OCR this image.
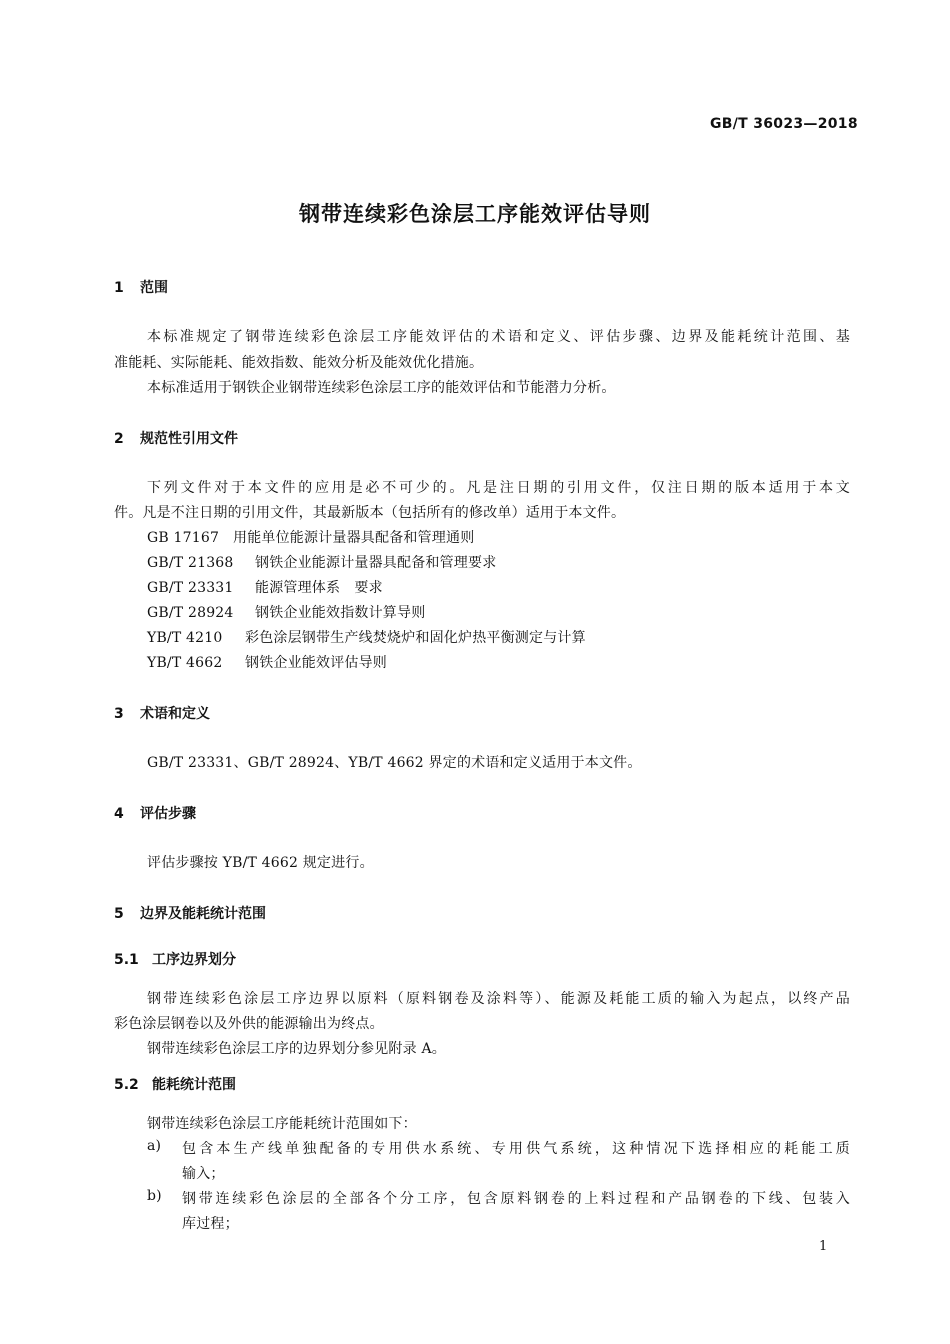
GB/T 36023—2018
钢带连续彩色涂层工序能效评估导则
1 范围
本标准规定了钢带连续彩色涂层工序能效评估的术语和定义、评估步骤、边界及能耗统计范围、基
准能耗、实际能耗、能效指数、能效分析及能效优化措施。
本标准适用于钢铁企业钢带连续彩色涂层工序的能效评估和节能潜力分析。
2 规范性引用文件
下列文件对于本文件的应用是必不可少的。凡是注日期的引用文件，仅注日期的版本适用于本文
件。凡是不注日期的引用文件，其最新版本（包括所有的修改单）适用于本文件。
GB 17167 用能单位能源计量器具配备和管理通则
GB/T 21368 钢铁企业能源计量器具配备和管理要求
GB/T 23331 能源管理体系　要求
GB/T 28924 钢铁企业能效指数计算导则
YB/T 4210 彩色涂层钢带生产线焚烧炉和固化炉热平衡测定与计算
YB/T 4662 钢铁企业能效评估导则
3 术语和定义
GB/T 23331、GB/T 28924、YB/T 4662 界定的术语和定义适用于本文件。
4 评估步骤
评估步骤按 YB/T 4662 规定进行。
5 边界及能耗统计范围
5.1 工序边界划分
钢带连续彩色涂层工序边界以原料（原料钢卷及涂料等）、能源及耗能工质的输入为起点，以终产品
彩色涂层钢卷以及外供的能源输出为终点。
钢带连续彩色涂层工序的边界划分参见附录 A。
5.2 能耗统计范围
钢带连续彩色涂层工序能耗统计范围如下：
a) 包含本生产线单独配备的专用供水系统、专用供气系统，这种情况下选择相应的耗能工质
输入；
b) 钢带连续彩色涂层的全部各个分工序，包含原料钢卷的上料过程和产品钢卷的下线、包装入
库过程；
1
